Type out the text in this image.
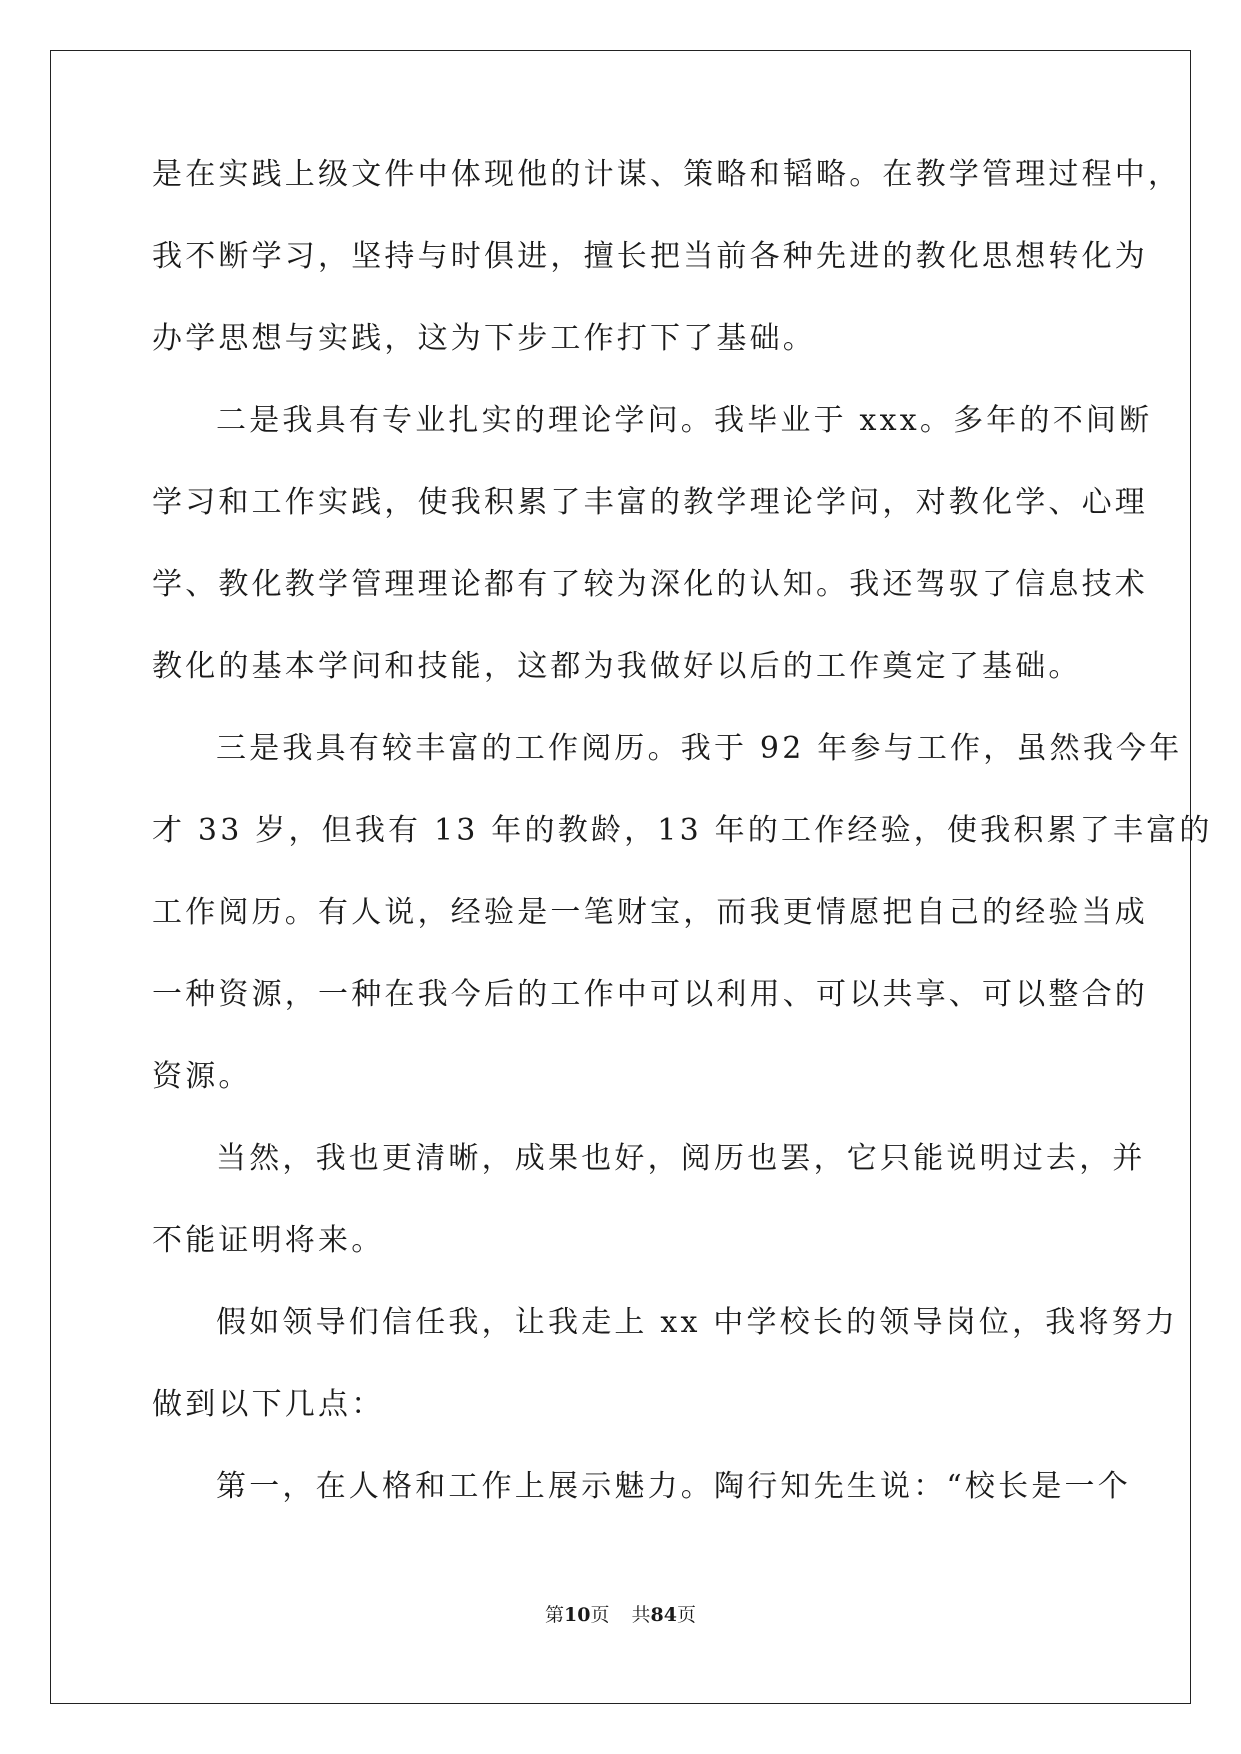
是在实践上级文件中体现他的计谋、策略和韬略。在教学管理过程中，
我不断学习，坚持与时俱进，擅长把当前各种先进的教化思想转化为
办学思想与实践，这为下步工作打下了基础。
二是我具有专业扎实的理论学问。我毕业于 xxx。多年的不间断
学习和工作实践，使我积累了丰富的教学理论学问，对教化学、心理
学、教化教学管理理论都有了较为深化的认知。我还驾驭了信息技术
教化的基本学问和技能，这都为我做好以后的工作奠定了基础。
三是我具有较丰富的工作阅历。我于 92 年参与工作，虽然我今年
才 33 岁，但我有 13 年的教龄，13 年的工作经验，使我积累了丰富的
工作阅历。有人说，经验是一笔财宝，而我更情愿把自己的经验当成
一种资源，一种在我今后的工作中可以利用、可以共享、可以整合的
资源。
当然，我也更清晰，成果也好，阅历也罢，它只能说明过去，并
不能证明将来。
假如领导们信任我，让我走上 xx 中学校长的领导岗位，我将努力
做到以下几点：
第一，在人格和工作上展示魅力。陶行知先生说：“校长是一个
第10页 共84页
